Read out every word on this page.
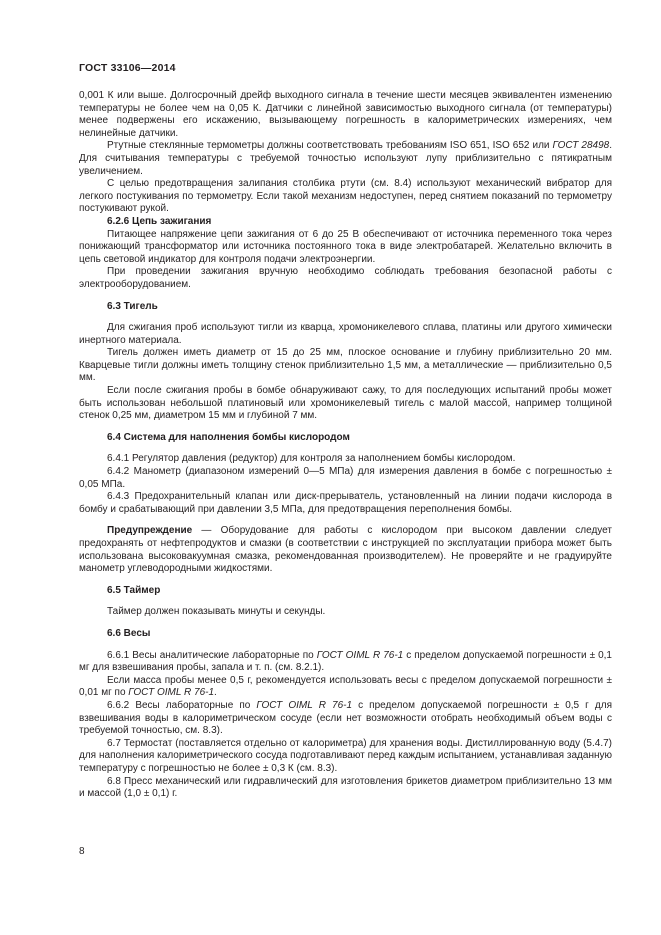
ГОСТ 33106—2014

0,001 К или выше. Долгосрочный дрейф выходного сигнала в течение шести месяцев эквивалентен изменению температуры не более чем на 0,05 К. Датчики с линейной зависимостью выходного сигнала (от температуры) менее подвержены его искажению, вызывающему погрешность в калориметрических измерениях, чем нелинейные датчики.

Ртутные стеклянные термометры должны соответствовать требованиям ISO 651, ISO 652 или ГОСТ 28498. Для считывания температуры с требуемой точностью используют лупу приблизительно с пятикратным увеличением.

С целью предотвращения залипания столбика ртути (см. 8.4) используют механический вибратор для легкого постукивания по термометру. Если такой механизм недоступен, перед снятием показаний по термометру постукивают рукой.

6.2.6 Цепь зажигания

Питающее напряжение цепи зажигания от 6 до 25 В обеспечивают от источника переменного тока через понижающий трансформатор или источника постоянного тока в виде электробатарей. Желательно включить в цепь световой индикатор для контроля подачи электроэнергии.

При проведении зажигания вручную необходимо соблюдать требования безопасной работы с электрооборудованием.

6.3 Тигель

Для сжигания проб используют тигли из кварца, хромоникелевого сплава, платины или другого химически инертного материала.

Тигель должен иметь диаметр от 15 до 25 мм, плоское основание и глубину приблизительно 20 мм. Кварцевые тигли должны иметь толщину стенок приблизительно 1,5 мм, а металлические — приблизительно 0,5 мм.

Если после сжигания пробы в бомбе обнаруживают сажу, то для последующих испытаний пробы может быть использован небольшой платиновый или хромоникелевый тигель с малой массой, например толщиной стенок 0,25 мм, диаметром 15 мм и глубиной 7 мм.

6.4 Система для наполнения бомбы кислородом

6.4.1 Регулятор давления (редуктор) для контроля за наполнением бомбы кислородом.

6.4.2 Манометр (диапазоном измерений 0—5 МПа) для измерения давления в бомбе с погрешностью ± 0,05 МПа.

6.4.3 Предохранительный клапан или диск-прерыватель, установленный на линии подачи кислорода в бомбу и срабатывающий при давлении 3,5 МПа, для предотвращения переполнения бомбы.

Предупреждение — Оборудование для работы с кислородом при высоком давлении следует предохранять от нефтепродуктов и смазки (в соответствии с инструкцией по эксплуатации прибора может быть использована высоковакуумная смазка, рекомендованная производителем). Не проверяйте и не градуируйте манометр углеводородными жидкостями.

6.5 Таймер

Таймер должен показывать минуты и секунды.

6.6 Весы

6.6.1 Весы аналитические лабораторные по ГОСТ OIML R 76-1 с пределом допускаемой погрешности ± 0,1 мг для взвешивания пробы, запала и т. п. (см. 8.2.1).

Если масса пробы менее 0,5 г, рекомендуется использовать весы с пределом допускаемой погрешности ± 0,01 мг по ГОСТ OIML R 76-1.

6.6.2 Весы лабораторные по ГОСТ OIML R 76-1 с пределом допускаемой погрешности ± 0,5 г для взвешивания воды в калориметрическом сосуде (если нет возможности отобрать необходимый объем воды с требуемой точностью, см. 8.3).

6.7 Термостат (поставляется отдельно от калориметра) для хранения воды. Дистиллированную воду (5.4.7) для наполнения калориметрического сосуда подготавливают перед каждым испытанием, устанавливая заданную температуру с погрешностью не более ± 0,3 К (см. 8.3).

6.8 Пресс механический или гидравлический для изготовления брикетов диаметром приблизительно 13 мм и массой (1,0 ± 0,1) г.

8
